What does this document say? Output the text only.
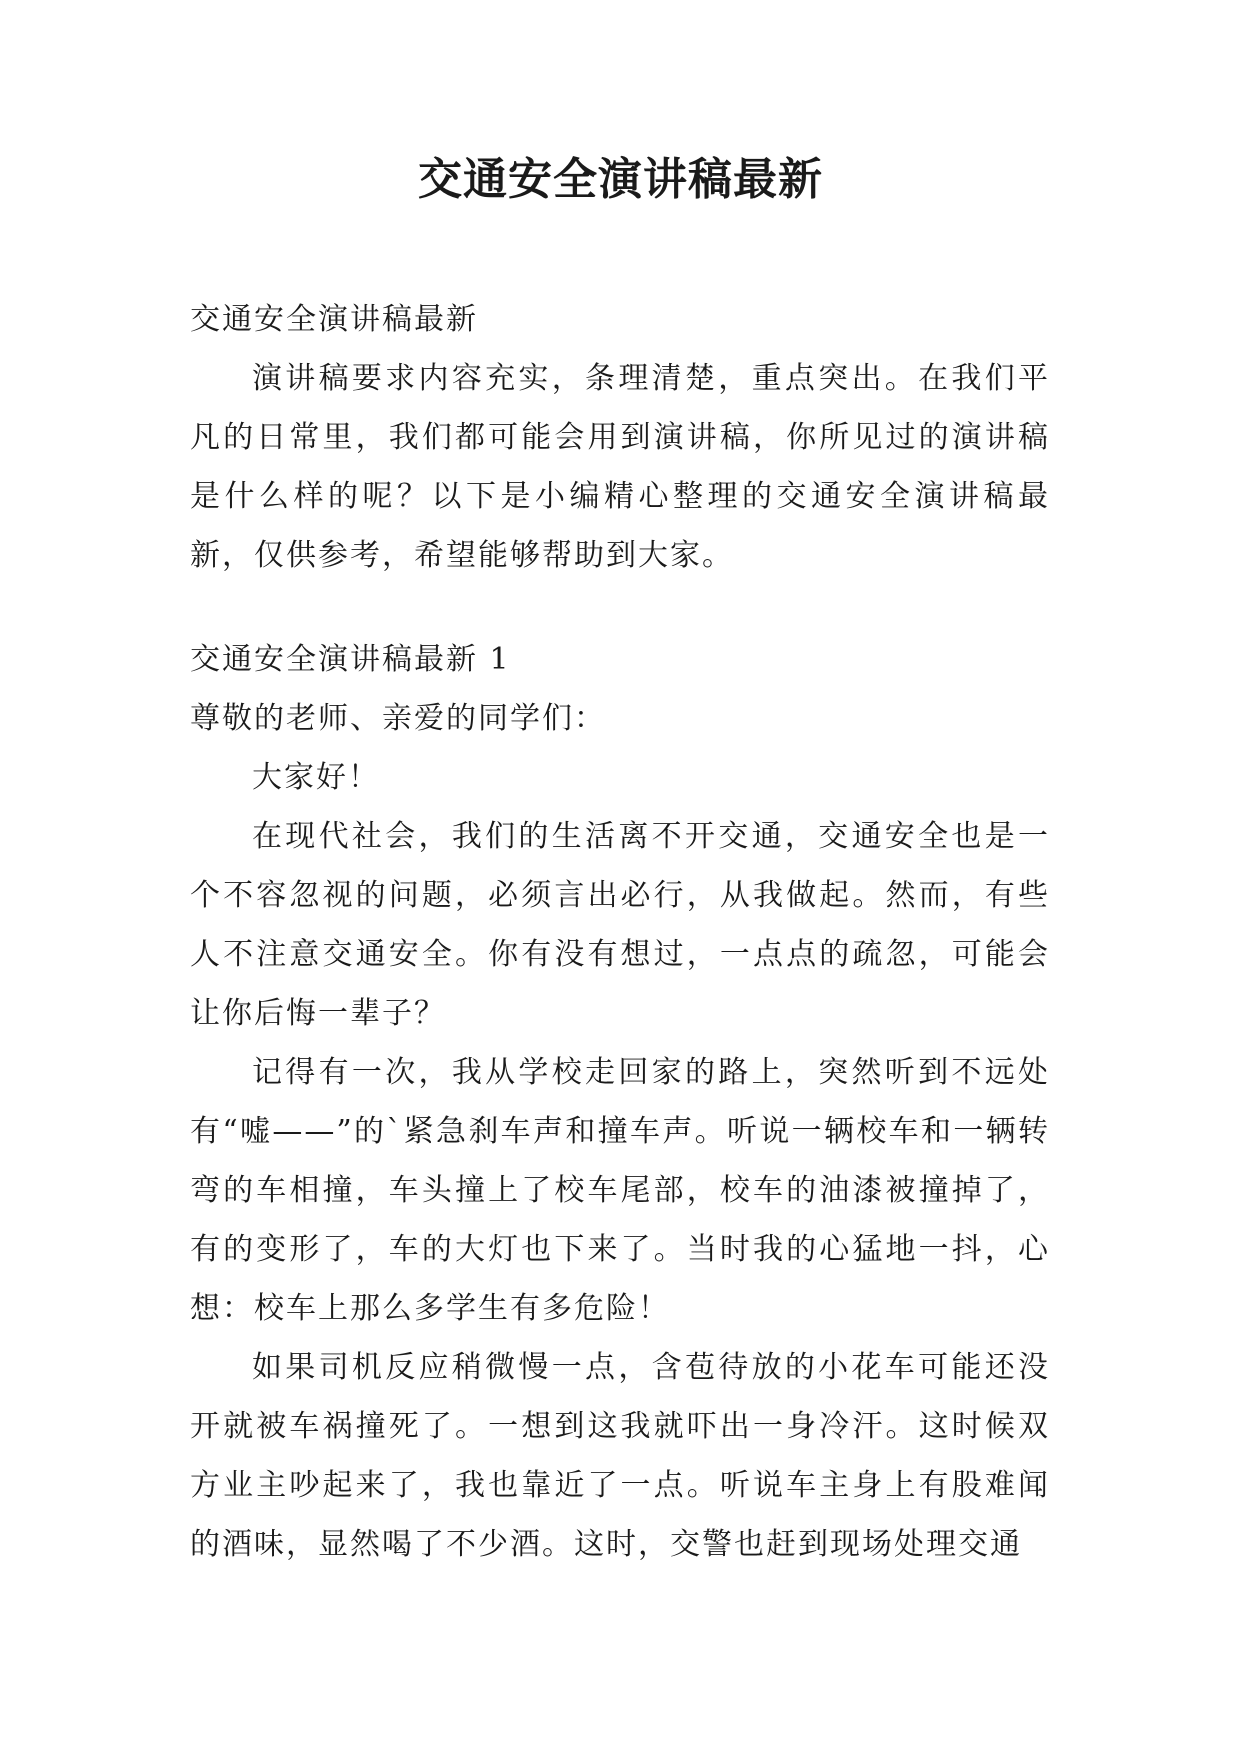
交通安全演讲稿最新

交通安全演讲稿最新

演讲稿要求内容充实，条理清楚，重点突出。在我们平凡的日常里，我们都可能会用到演讲稿，你所见过的演讲稿是什么样的呢？以下是小编精心整理的交通安全演讲稿最新，仅供参考，希望能够帮助到大家。

交通安全演讲稿最新 1

尊敬的老师、亲爱的同学们：

大家好！

在现代社会，我们的生活离不开交通，交通安全也是一个不容忽视的问题，必须言出必行，从我做起。然而，有些人不注意交通安全。你有没有想过，一点点的疏忽，可能会让你后悔一辈子？

记得有一次，我从学校走回家的路上，突然听到不远处有“嘘——”的`紧急刹车声和撞车声。听说一辆校车和一辆转弯的车相撞，车头撞上了校车尾部，校车的油漆被撞掉了，有的变形了，车的大灯也下来了。当时我的心猛地一抖，心想：校车上那么多学生有多危险！

如果司机反应稍微慢一点，含苞待放的小花车可能还没开就被车祸撞死了。一想到这我就吓出一身冷汗。这时候双方业主吵起来了，我也靠近了一点。听说车主身上有股难闻的酒味，显然喝了不少酒。这时，交警也赶到现场处理交通
